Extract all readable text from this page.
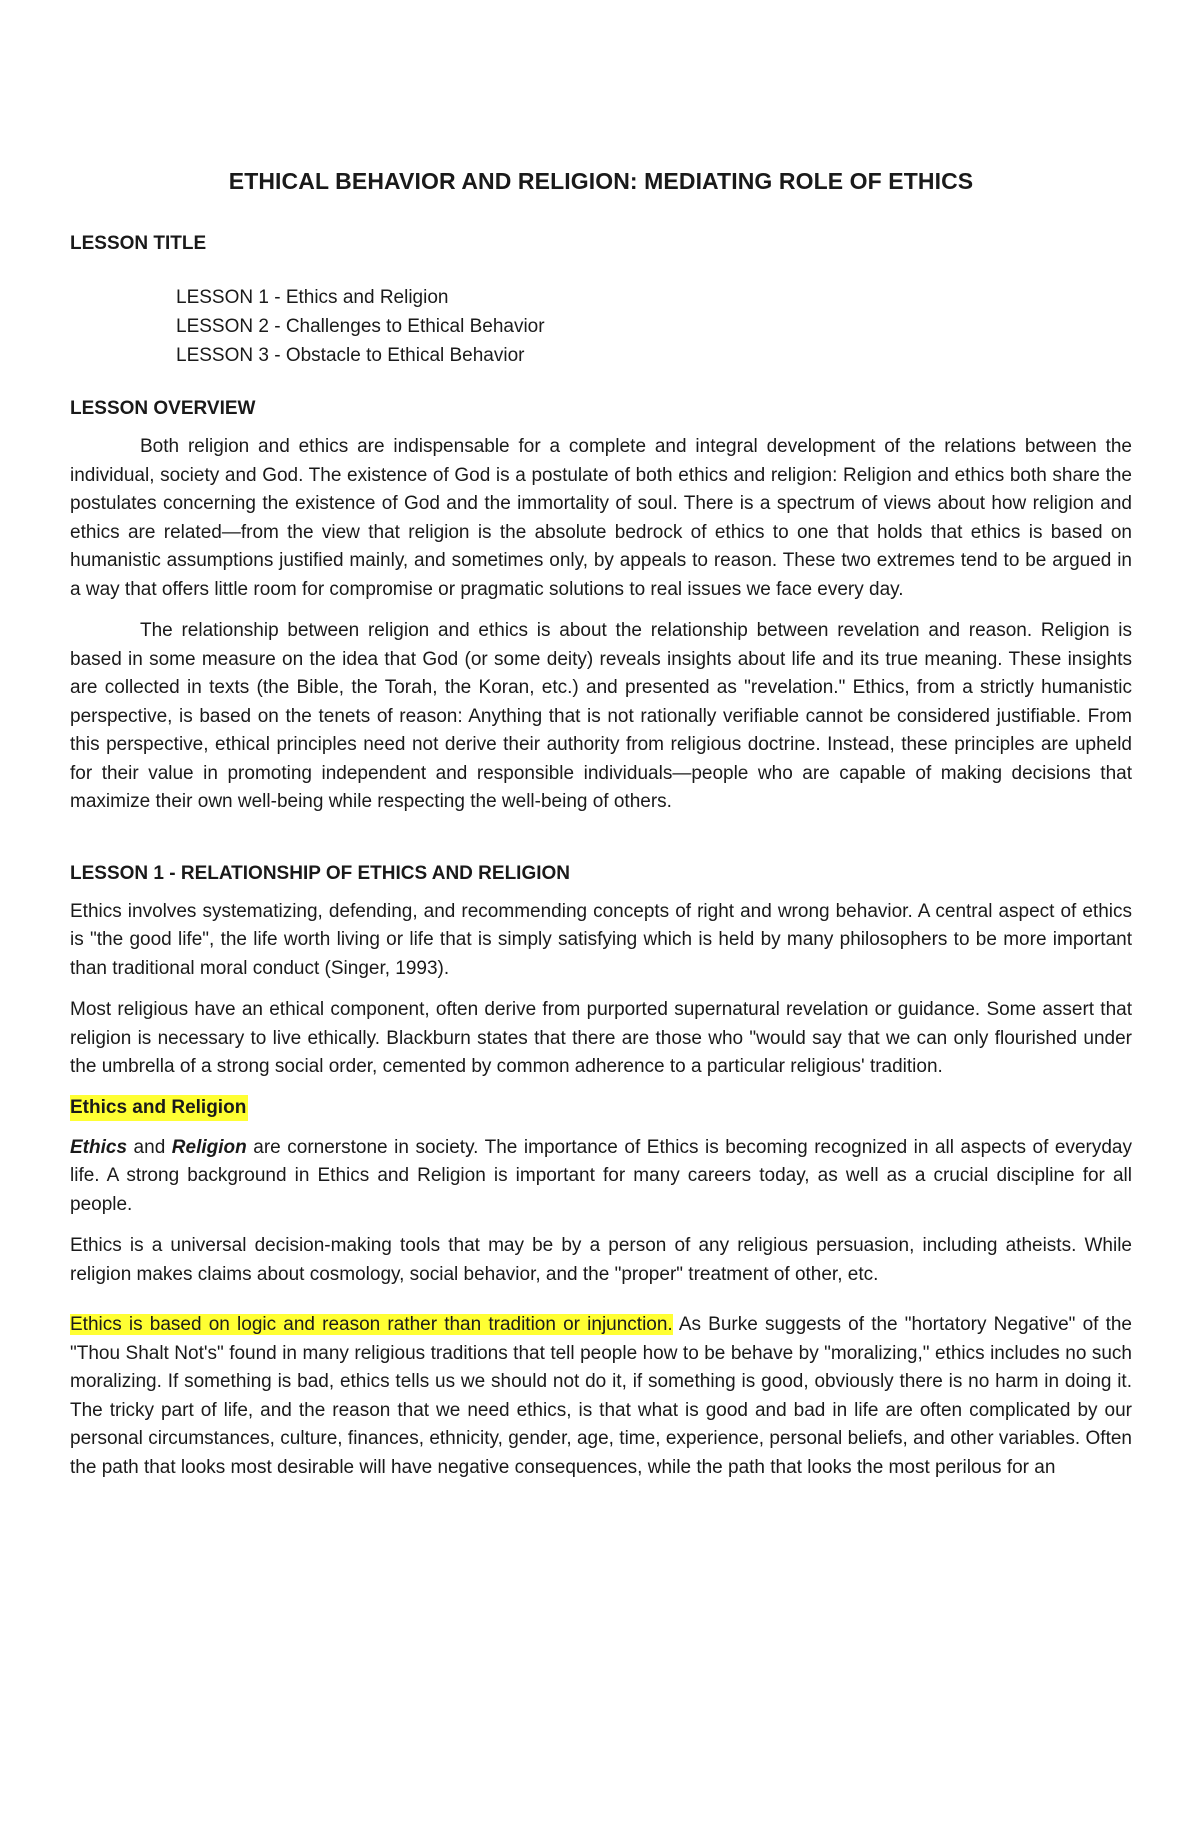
ETHICAL BEHAVIOR AND RELIGION: MEDIATING ROLE OF ETHICS
LESSON TITLE
LESSON 1 - Ethics and Religion
LESSON 2 - Challenges to Ethical Behavior
LESSON 3 - Obstacle to Ethical Behavior
LESSON OVERVIEW

Both religion and ethics are indispensable for a complete and integral development of the relations between the individual, society and God. The existence of God is a postulate of both ethics and religion: Religion and ethics both share the postulates concerning the existence of God and the immortality of soul. There is a spectrum of views about how religion and ethics are related—from the view that religion is the absolute bedrock of ethics to one that holds that ethics is based on humanistic assumptions justified mainly, and sometimes only, by appeals to reason. These two extremes tend to be argued in a way that offers little room for compromise or pragmatic solutions to real issues we face every day.

The relationship between religion and ethics is about the relationship between revelation and reason. Religion is based in some measure on the idea that God (or some deity) reveals insights about life and its true meaning. These insights are collected in texts (the Bible, the Torah, the Koran, etc.) and presented as "revelation." Ethics, from a strictly humanistic perspective, is based on the tenets of reason: Anything that is not rationally verifiable cannot be considered justifiable. From this perspective, ethical principles need not derive their authority from religious doctrine. Instead, these principles are upheld for their value in promoting independent and responsible individuals—people who are capable of making decisions that maximize their own well-being while respecting the well-being of others.

LESSON 1 - RELATIONSHIP OF ETHICS AND RELIGION

Ethics involves systematizing, defending, and recommending concepts of right and wrong behavior. A central aspect of ethics is "the good life", the life worth living or life that is simply satisfying which is held by many philosophers to be more important than traditional moral conduct (Singer, 1993).

Most religious have an ethical component, often derive from purported supernatural revelation or guidance. Some assert that religion is necessary to live ethically. Blackburn states that there are those who "would say that we can only flourished under the umbrella of a strong social order, cemented by common adherence to a particular religious' tradition.

Ethics and Religion

Ethics and Religion are cornerstone in society. The importance of Ethics is becoming recognized in all aspects of everyday life. A strong background in Ethics and Religion is important for many careers today, as well as a crucial discipline for all people.

Ethics is a universal decision-making tools that may be by a person of any religious persuasion, including atheists. While religion makes claims about cosmology, social behavior, and the "proper" treatment of other, etc.

Ethics is based on logic and reason rather than tradition or injunction. As Burke suggests of the "hortatory Negative" of the "Thou Shalt Not's" found in many religious traditions that tell people how to be behave by "moralizing," ethics includes no such moralizing. If something is bad, ethics tells us we should not do it, if something is good, obviously there is no harm in doing it. The tricky part of life, and the reason that we need ethics, is that what is good and bad in life are often complicated by our personal circumstances, culture, finances, ethnicity, gender, age, time, experience, personal beliefs, and other variables. Often the path that looks most desirable will have negative consequences, while the path that looks the most perilous for an
